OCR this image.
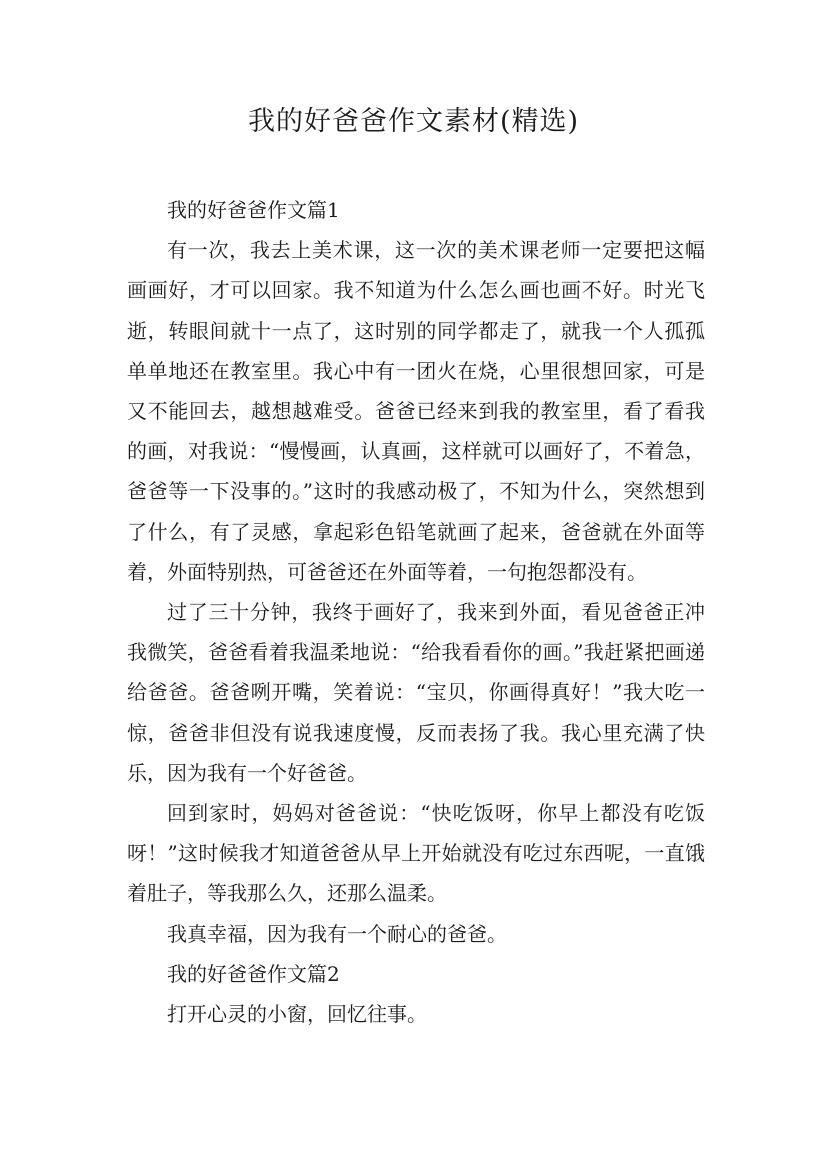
我的好爸爸作文素材(精选)

我的好爸爸作文篇1

有一次，我去上美术课，这一次的美术课老师一定要把这幅画画好，才可以回家。我不知道为什么怎么画也画不好。时光飞逝，转眼间就十一点了，这时别的同学都走了，就我一个人孤孤单单地还在教室里。我心中有一团火在烧，心里很想回家，可是又不能回去，越想越难受。爸爸已经来到我的教室里，看了看我的画，对我说：“慢慢画，认真画，这样就可以画好了，不着急，爸爸等一下没事的。”这时的我感动极了，不知为什么，突然想到了什么，有了灵感，拿起彩色铅笔就画了起来，爸爸就在外面等着，外面特别热，可爸爸还在外面等着，一句抱怨都没有。

过了三十分钟，我终于画好了，我来到外面，看见爸爸正冲我微笑，爸爸看着我温柔地说：“给我看看你的画。”我赶紧把画递给爸爸。爸爸咧开嘴，笑着说：“宝贝，你画得真好！”我大吃一惊，爸爸非但没有说我速度慢，反而表扬了我。我心里充满了快乐，因为我有一个好爸爸。

回到家时，妈妈对爸爸说：“快吃饭呀，你早上都没有吃饭呀！”这时候我才知道爸爸从早上开始就没有吃过东西呢，一直饿着肚子，等我那么久，还那么温柔。

我真幸福，因为我有一个耐心的爸爸。

我的好爸爸作文篇2

打开心灵的小窗，回忆往事。
